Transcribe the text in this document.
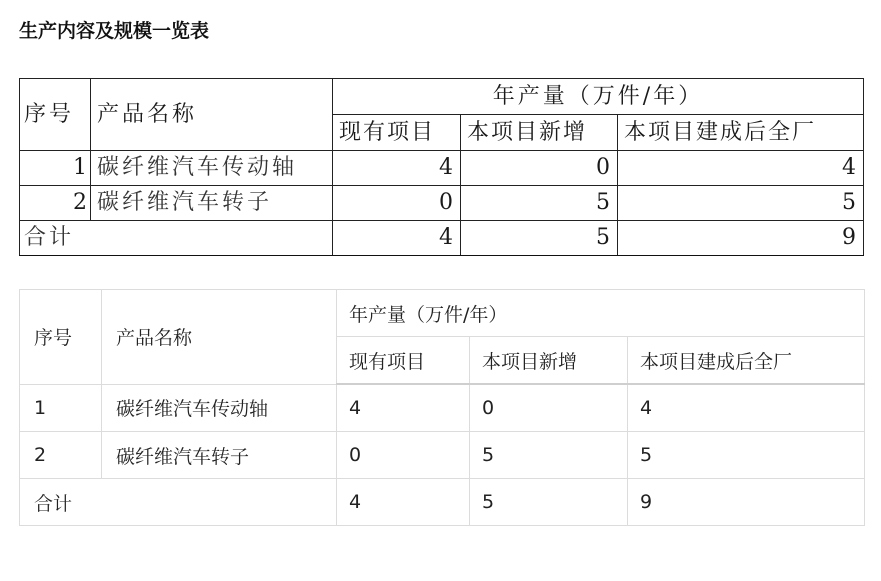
生产内容及规模一览表
序号	产品名称	年产量（万件/年）		
		现有项目	本项目新增	本项目建成后全厂
1	碳纤维汽车传动轴	4	0	4
2	碳纤维汽车转子	0	5	5
合计		4	5	9
序号	产品名称	年产量（万件/年）		
		现有项目	本项目新增	本项目建成后全厂
1	碳纤维汽车传动轴	4	0	4
2	碳纤维汽车转子	0	5	5
合计		4	5	9
